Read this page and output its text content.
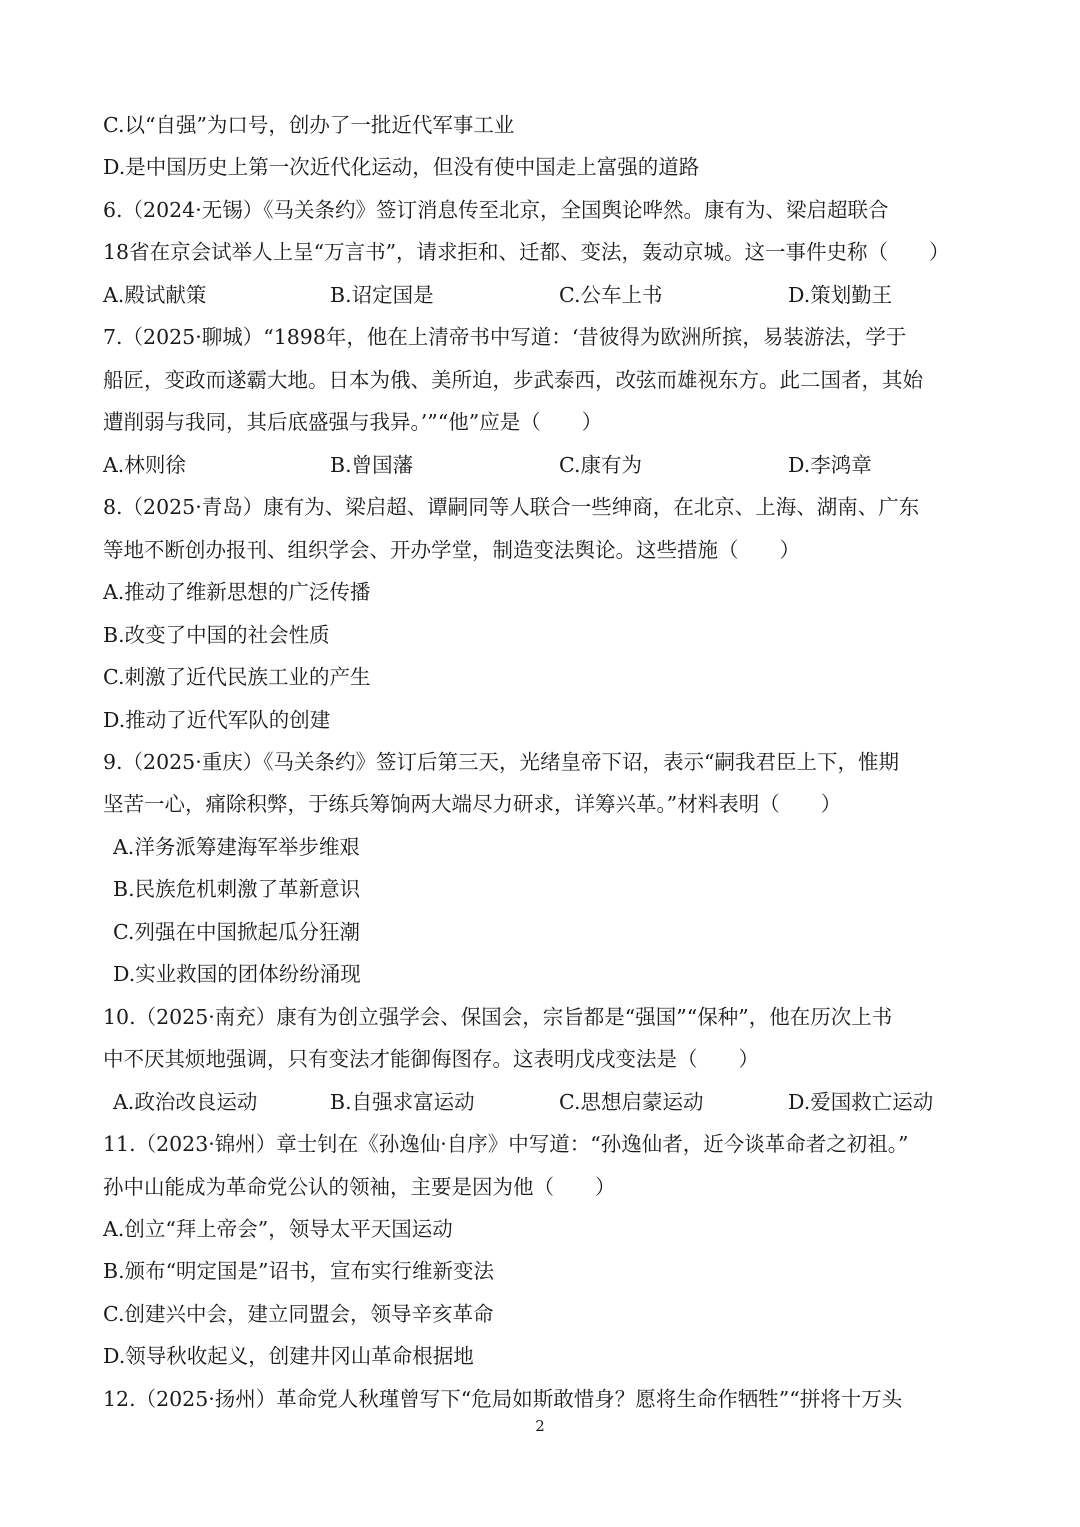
C.以“自强”为口号，创办了一批近代军事工业
D.是中国历史上第一次近代化运动，但没有使中国走上富强的道路
6.（2024·无锡）《马关条约》签订消息传至北京，全国舆论哗然。康有为、梁启超联合
18省在京会试举人上呈“万言书”，请求拒和、迁都、变法，轰动京城。这一事件史称（　　）
A.殿试献策	B.诏定国是	C.公车上书	D.策划勤王
7.（2025·聊城）“1898年，他在上清帝书中写道：‘昔彼得为欧洲所摈，易装游法，学于
船匠，变政而遂霸大地。日本为俄、美所迫，步武泰西，改弦而雄视东方。此二国者，其始
遭削弱与我同，其后底盛强与我异。’”“他”应是（　　）
A.林则徐	B.曾国藩	C.康有为	D.李鸿章
8.（2025·青岛）康有为、梁启超、谭嗣同等人联合一些绅商，在北京、上海、湖南、广东
等地不断创办报刊、组织学会、开办学堂，制造变法舆论。这些措施（　　）
A.推动了维新思想的广泛传播
B.改变了中国的社会性质
C.刺激了近代民族工业的产生
D.推动了近代军队的创建
9.（2025·重庆）《马关条约》签订后第三天，光绪皇帝下诏，表示“嗣我君臣上下，惟期
坚苦一心，痛除积弊，于练兵筹饷两大端尽力研求，详筹兴革。”材料表明（　　）
A.洋务派筹建海军举步维艰
B.民族危机刺激了革新意识
C.列强在中国掀起瓜分狂潮
D.实业救国的团体纷纷涌现
10.（2025·南充）康有为创立强学会、保国会，宗旨都是“强国”“保种”，他在历次上书
中不厌其烦地强调，只有变法才能御侮图存。这表明戊戌变法是（　　）
A.政治改良运动	B.自强求富运动	C.思想启蒙运动	D.爱国救亡运动
11.（2023·锦州）章士钊在《孙逸仙·自序》中写道：“孙逸仙者，近今谈革命者之初祖。”
孙中山能成为革命党公认的领袖，主要是因为他（　　）
A.创立“拜上帝会”，领导太平天国运动
B.颁布“明定国是”诏书，宣布实行维新变法
C.创建兴中会，建立同盟会，领导辛亥革命
D.领导秋收起义，创建井冈山革命根据地
12.（2025·扬州）革命党人秋瑾曾写下“危局如斯敢惜身？愿将生命作牺牲”“拼将十万头
2
